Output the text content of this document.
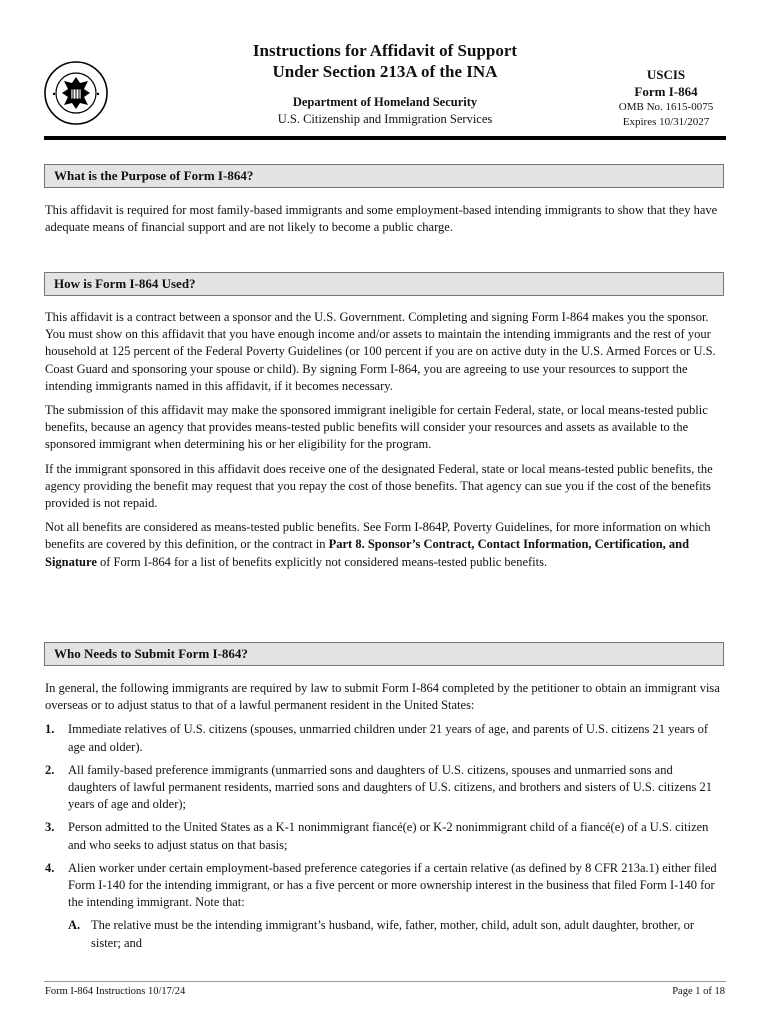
Instructions for Affidavit of Support
Under Section 213A of the INA
Department of Homeland Security
U.S. Citizenship and Immigration Services
USCIS
Form I-864
OMB No. 1615-0075
Expires 10/31/2027
What is the Purpose of Form I-864?

This affidavit is required for most family-based immigrants and some employment-based intending immigrants to show that they have adequate means of financial support and are not likely to become a public charge.

How is Form I-864 Used?

This affidavit is a contract between a sponsor and the U.S. Government. Completing and signing Form I-864 makes you the sponsor. You must show on this affidavit that you have enough income and/or assets to maintain the intending immigrants and the rest of your household at 125 percent of the Federal Poverty Guidelines (or 100 percent if you are on active duty in the U.S. Armed Forces or U.S. Coast Guard and sponsoring your spouse or child). By signing Form I-864, you are agreeing to use your resources to support the intending immigrants named in this affidavit, if it becomes necessary.

The submission of this affidavit may make the sponsored immigrant ineligible for certain Federal, state, or local means-tested public benefits, because an agency that provides means-tested public benefits will consider your resources and assets as available to the sponsored immigrant when determining his or her eligibility for the program.

If the immigrant sponsored in this affidavit does receive one of the designated Federal, state or local means-tested public benefits, the agency providing the benefit may request that you repay the cost of those benefits. That agency can sue you if the cost of the benefits provided is not repaid.

Not all benefits are considered as means-tested public benefits. See Form I-864P, Poverty Guidelines, for more information on which benefits are covered by this definition, or the contract in Part 8. Sponsor’s Contract, Contact Information, Certification, and Signature of Form I-864 for a list of benefits explicitly not considered means-tested public benefits.

Who Needs to Submit Form I-864?

In general, the following immigrants are required by law to submit Form I-864 completed by the petitioner to obtain an immigrant visa overseas or to adjust status to that of a lawful permanent resident in the United States:

1. Immediate relatives of U.S. citizens (spouses, unmarried children under 21 years of age, and parents of U.S. citizens 21 years of age and older).
2. All family-based preference immigrants (unmarried sons and daughters of U.S. citizens, spouses and unmarried sons and daughters of lawful permanent residents, married sons and daughters of U.S. citizens, and brothers and sisters of U.S. citizens 21 years of age and older);
3. Person admitted to the United States as a K-1 nonimmigrant fiancé(e) or K-2 nonimmigrant child of a fiancé(e) of a U.S. citizen and who seeks to adjust status on that basis;
4. Alien worker under certain employment-based preference categories if a certain relative (as defined by 8 CFR 213a.1) either filed Form I-140 for the intending immigrant, or has a five percent or more ownership interest in the business that filed Form I-140 for the intending immigrant. Note that:
A. The relative must be the intending immigrant’s husband, wife, father, mother, child, adult son, adult daughter, brother, or sister; and
Form I-864 Instructions 10/17/24	Page 1 of 18
